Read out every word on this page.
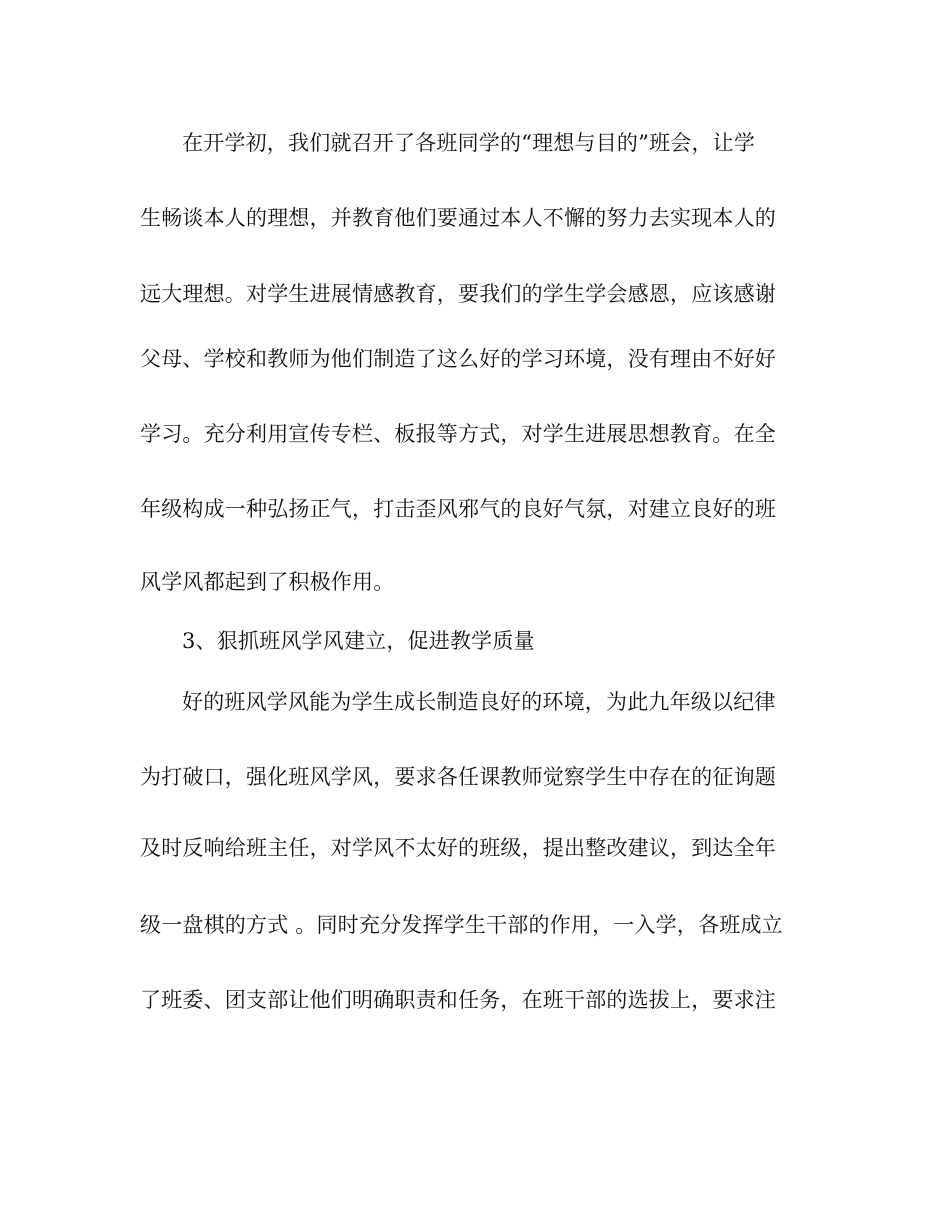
在开学初，我们就召开了各班同学的“理想与目的”班会，让学
生畅谈本人的理想，并教育他们要通过本人不懈的努力去实现本人的
远大理想。对学生进展情感教育，要我们的学生学会感恩，应该感谢
父母、学校和教师为他们制造了这么好的学习环境，没有理由不好好
学习。充分利用宣传专栏、板报等方式，对学生进展思想教育。在全
年级构成一种弘扬正气，打击歪风邪气的良好气氛，对建立良好的班
风学风都起到了积极作用。
3、狠抓班风学风建立，促进教学质量
好的班风学风能为学生成长制造良好的环境，为此九年级以纪律
为打破口，强化班风学风，要求各任课教师觉察学生中存在的征询题
及时反响给班主任，对学风不太好的班级，提出整改建议，到达全年
级一盘棋的方式 。同时充分发挥学生干部的作用，一入学，各班成立
了班委、团支部让他们明确职责和任务，在班干部的选拔上，要求注
